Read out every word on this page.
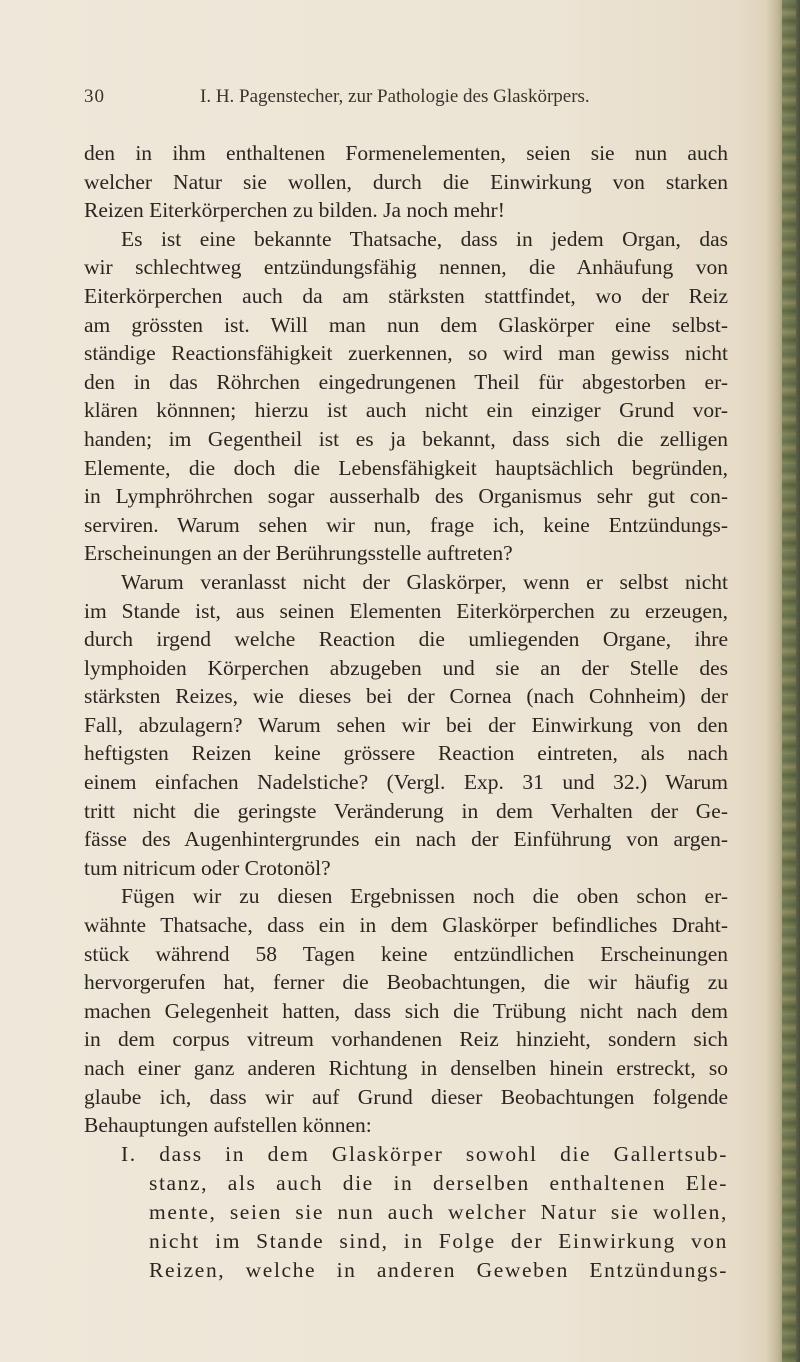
30	I. H. Pagenstecher, zur Pathologie des Glaskörpers.
den in ihm enthaltenen Formenelementen, seien sie nun auch
welcher Natur sie wollen, durch die Einwirkung von starken
Reizen Eiterkörperchen zu bilden. Ja noch mehr!
Es ist eine bekannte Thatsache, dass in jedem Organ, das
wir schlechtweg entzündungsfähig nennen, die Anhäufung von
Eiterkörperchen auch da am stärksten stattfindet, wo der Reiz
am grössten ist. Will man nun dem Glaskörper eine selbst-
ständige Reactionsfähigkeit zuerkennen, so wird man gewiss nicht
den in das Röhrchen eingedrungenen Theil für abgestorben er-
klären könnnen; hierzu ist auch nicht ein einziger Grund vor-
handen; im Gegentheil ist es ja bekannt, dass sich die zelligen
Elemente, die doch die Lebensfähigkeit hauptsächlich begründen,
in Lymphröhrchen sogar ausserhalb des Organismus sehr gut con-
serviren. Warum sehen wir nun, frage ich, keine Entzündungs-
Erscheinungen an der Berührungsstelle auftreten?
Warum veranlasst nicht der Glaskörper, wenn er selbst nicht
im Stande ist, aus seinen Elementen Eiterkörperchen zu erzeugen,
durch irgend welche Reaction die umliegenden Organe, ihre
lymphoiden Körperchen abzugeben und sie an der Stelle des
stärksten Reizes, wie dieses bei der Cornea (nach Cohnheim) der
Fall, abzulagern? Warum sehen wir bei der Einwirkung von den
heftigsten Reizen keine grössere Reaction eintreten, als nach
einem einfachen Nadelstiche? (Vergl. Exp. 31 und 32.) Warum
tritt nicht die geringste Veränderung in dem Verhalten der Ge-
fässe des Augenhintergrundes ein nach der Einführung von argen-
tum nitricum oder Crotonöl?
Fügen wir zu diesen Ergebnissen noch die oben schon er-
wähnte Thatsache, dass ein in dem Glaskörper befindliches Draht-
stück während 58 Tagen keine entzündlichen Erscheinungen
hervorgerufen hat, ferner die Beobachtungen, die wir häufig zu
machen Gelegenheit hatten, dass sich die Trübung nicht nach dem
in dem corpus vitreum vorhandenen Reiz hinzieht, sondern sich
nach einer ganz anderen Richtung in denselben hinein erstreckt, so
glaube ich, dass wir auf Grund dieser Beobachtungen folgende
Behauptungen aufstellen können:
I. dass in dem Glaskörper sowohl die Gallertsub-
stanz, als auch die in derselben enthaltenen Ele-
mente, seien sie nun auch welcher Natur sie wollen,
nicht im Stande sind, in Folge der Einwirkung von
Reizen, welche in anderen Geweben Entzündungs-
